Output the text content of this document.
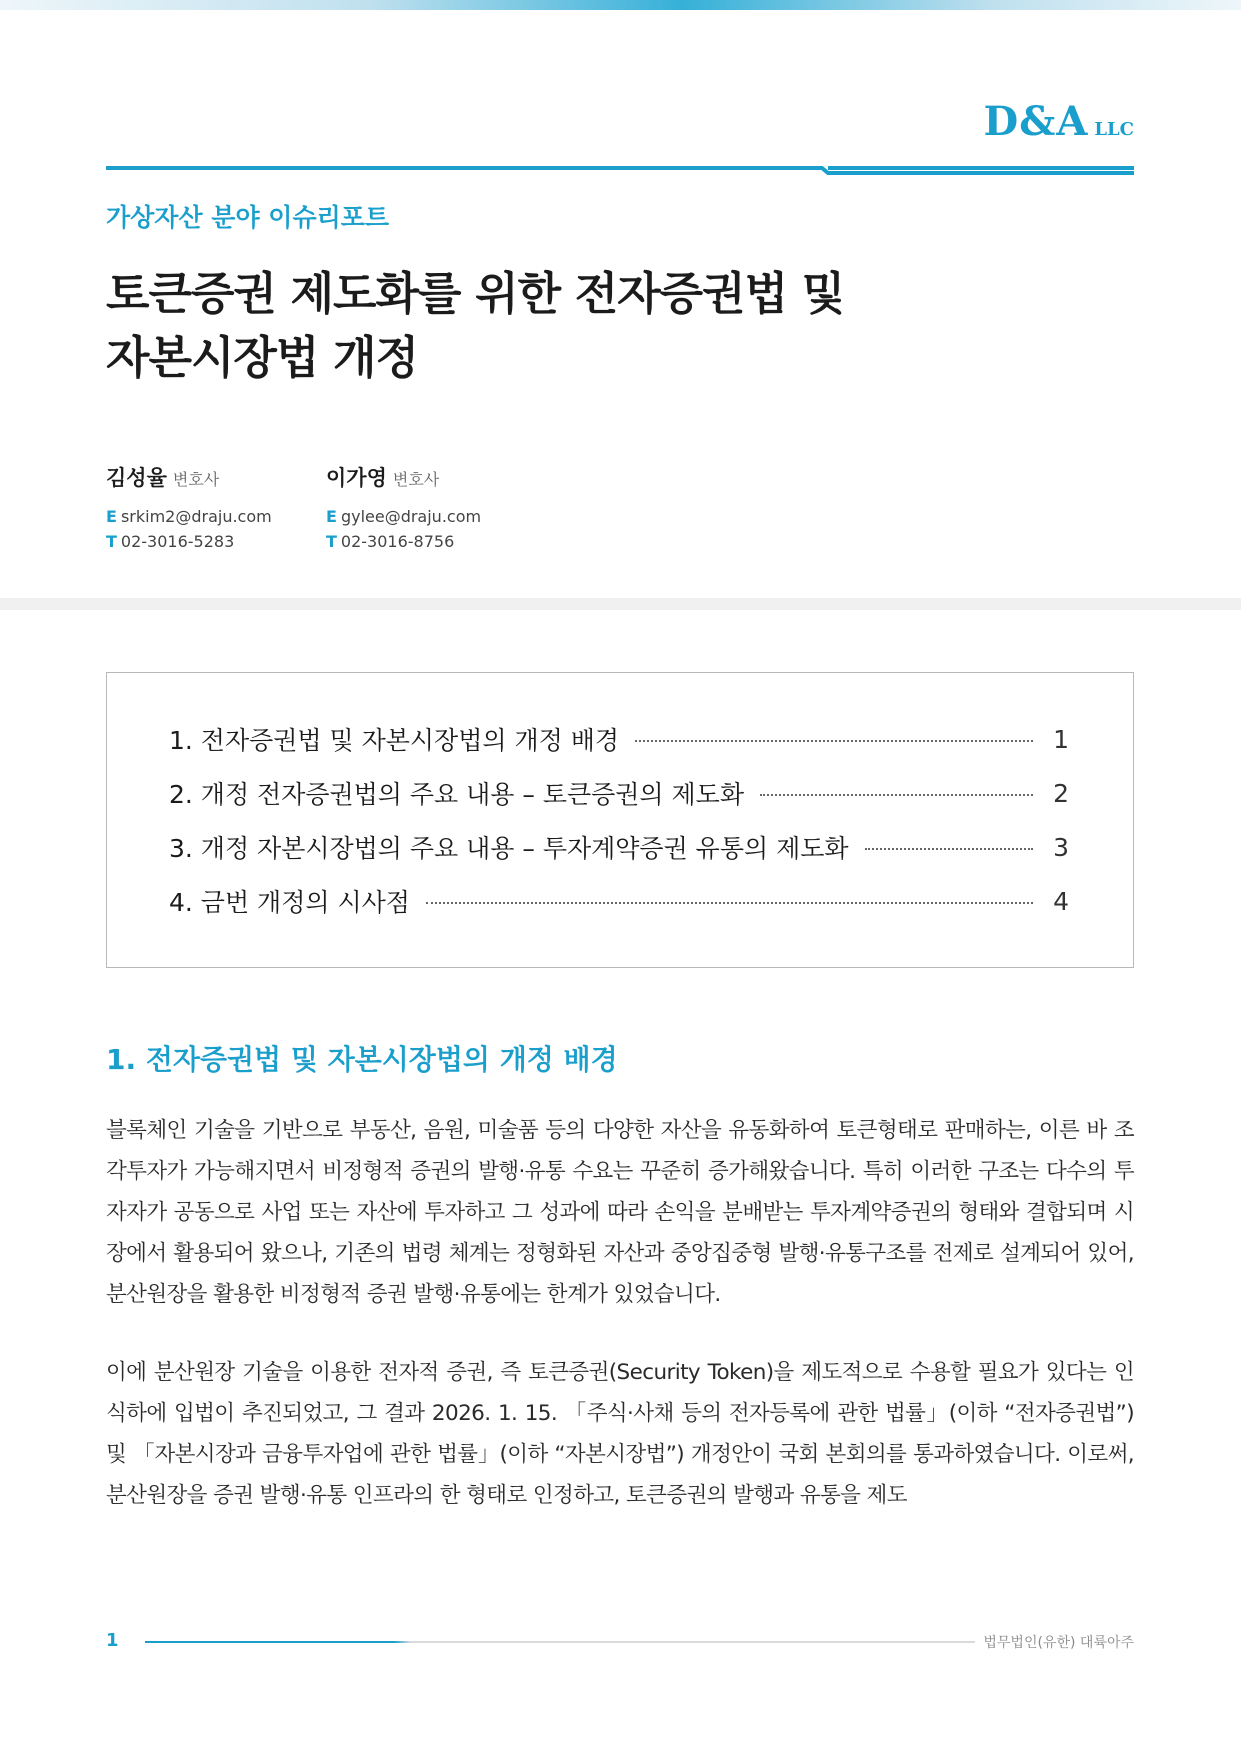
D&A LLC
가상자산 분야 이슈리포트
토큰증권 제도화를 위한 전자증권법 및
자본시장법 개정
김성율 변호사
E srkim2@draju.com
T 02-3016-5283
이가영 변호사
E gylee@draju.com
T 02-3016-8756
1. 전자증권법 및 자본시장법의 개정 배경	1
2. 개정 전자증권법의 주요 내용 – 토큰증권의 제도화	2
3. 개정 자본시장법의 주요 내용 – 투자계약증권 유통의 제도화	3
4. 금번 개정의 시사점	4
1. 전자증권법 및 자본시장법의 개정 배경
블록체인 기술을 기반으로 부동산, 음원, 미술품 등의 다양한 자산을 유동화하여 토큰형태로 판매하는, 이른 바 조각투자가 가능해지면서 비정형적 증권의 발행·유통 수요는 꾸준히 증가해왔습니다. 특히 이러한 구조는 다수의 투자자가 공동으로 사업 또는 자산에 투자하고 그 성과에 따라 손익을 분배받는 투자계약증권의 형태와 결합되며 시장에서 활용되어 왔으나, 기존의 법령 체계는 정형화된 자산과 중앙집중형 발행·유통구조를 전제로 설계되어 있어, 분산원장을 활용한 비정형적 증권 발행·유통에는 한계가 있었습니다.
이에 분산원장 기술을 이용한 전자적 증권, 즉 토큰증권(Security Token)을 제도적으로 수용할 필요가 있다는 인식하에 입법이 추진되었고, 그 결과 2026. 1. 15. 「주식·사채 등의 전자등록에 관한 법률」(이하 “전자증권법”) 및 「자본시장과 금융투자업에 관한 법률」(이하 “자본시장법”) 개정안이 국회 본회의를 통과하였습니다. 이로써, 분산원장을 증권 발행·유통 인프라의 한 형태로 인정하고, 토큰증권의 발행과 유통을 제도
1	법무법인(유한) 대륙아주
